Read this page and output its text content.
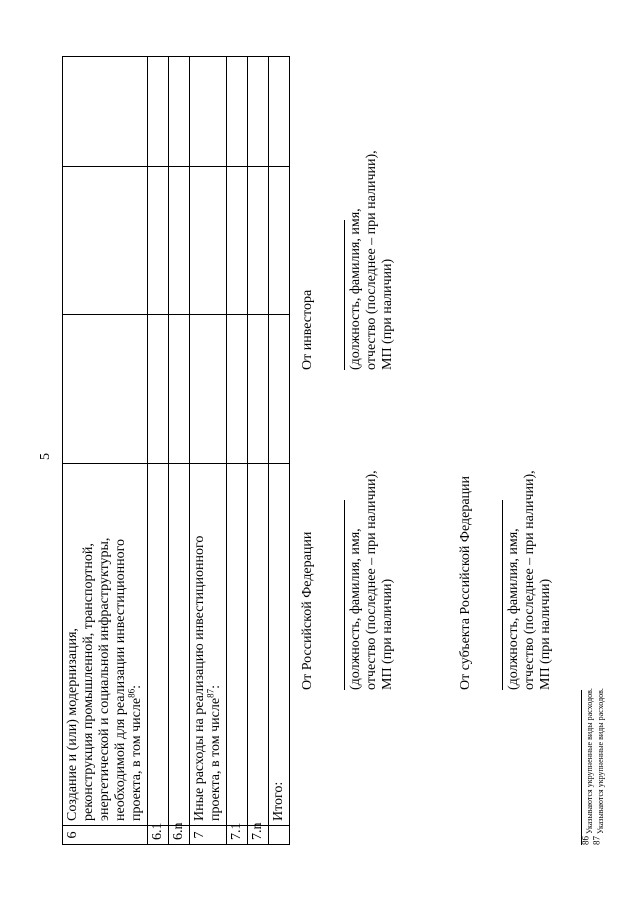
5
6	Создание и (или) модернизация, реконструкция промышленной, транспортной, энергетической и социальной инфраструктуры, необходимой для реализации инвестиционного проекта, в том числе$^{86}$:			

6.1				
6.n				
7	Иные расходы на реализацию инвестиционного проекта, в том числе$^{87}$:			

7.1				
7.n				
	Итого:			
От Российской Федерации (должность, фамилия, имя, отчество (последнее – при наличии), МП (при наличии)
От инвестора (должность, фамилия, имя, отчество (последнее – при наличии), МП (при наличии)
От субъекта Российской Федерации (должность, фамилия, имя, отчество (последнее – при наличии), МП (при наличии)
$^{86}$ Указываются укрупненные виды расходов.
$^{87}$ Указываются укрупненные виды расходов.
